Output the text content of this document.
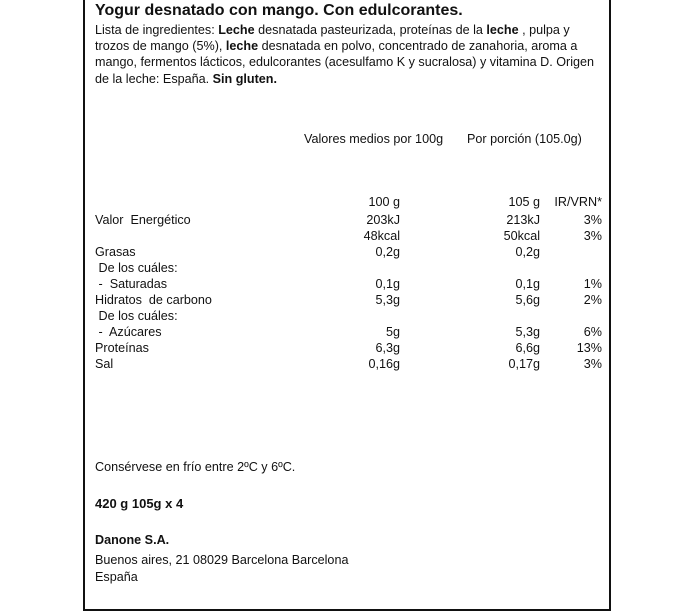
Yogur desnatado con mango. Con edulcorantes.
Lista de ingredientes: Leche desnatada pasteurizada, proteínas de la leche , pulpa y trozos de mango (5%), leche desnatada en polvo, concentrado de zanahoria, aroma a mango, fermentos lácticos, edulcorantes (acesulfamo K y sucralosa) y vitamina D. Origen de la leche: España. Sin gluten.
Valores medios por 100g Por porción (105.0g)
100 g	105 g	IR/VRN*
Valor  Energético	203kJ	213kJ	3%
48kcal	50kcal	3%
Grasas	0,2g	0,2g
De los cuáles:
-  Saturadas	0,1g	0,1g	1%
Hidratos  de carbono	5,3g	5,6g	2%
De los cuáles:
-  Azúcares	5g	5,3g	6%
Proteínas	6,3g	6,6g	13%
Sal	0,16g	0,17g	3%
Consérvese en frío entre 2ºC y 6ºC.
420 g 105g x 4
Danone S.A.
Buenos aires, 21 08029 Barcelona Barcelona
España
